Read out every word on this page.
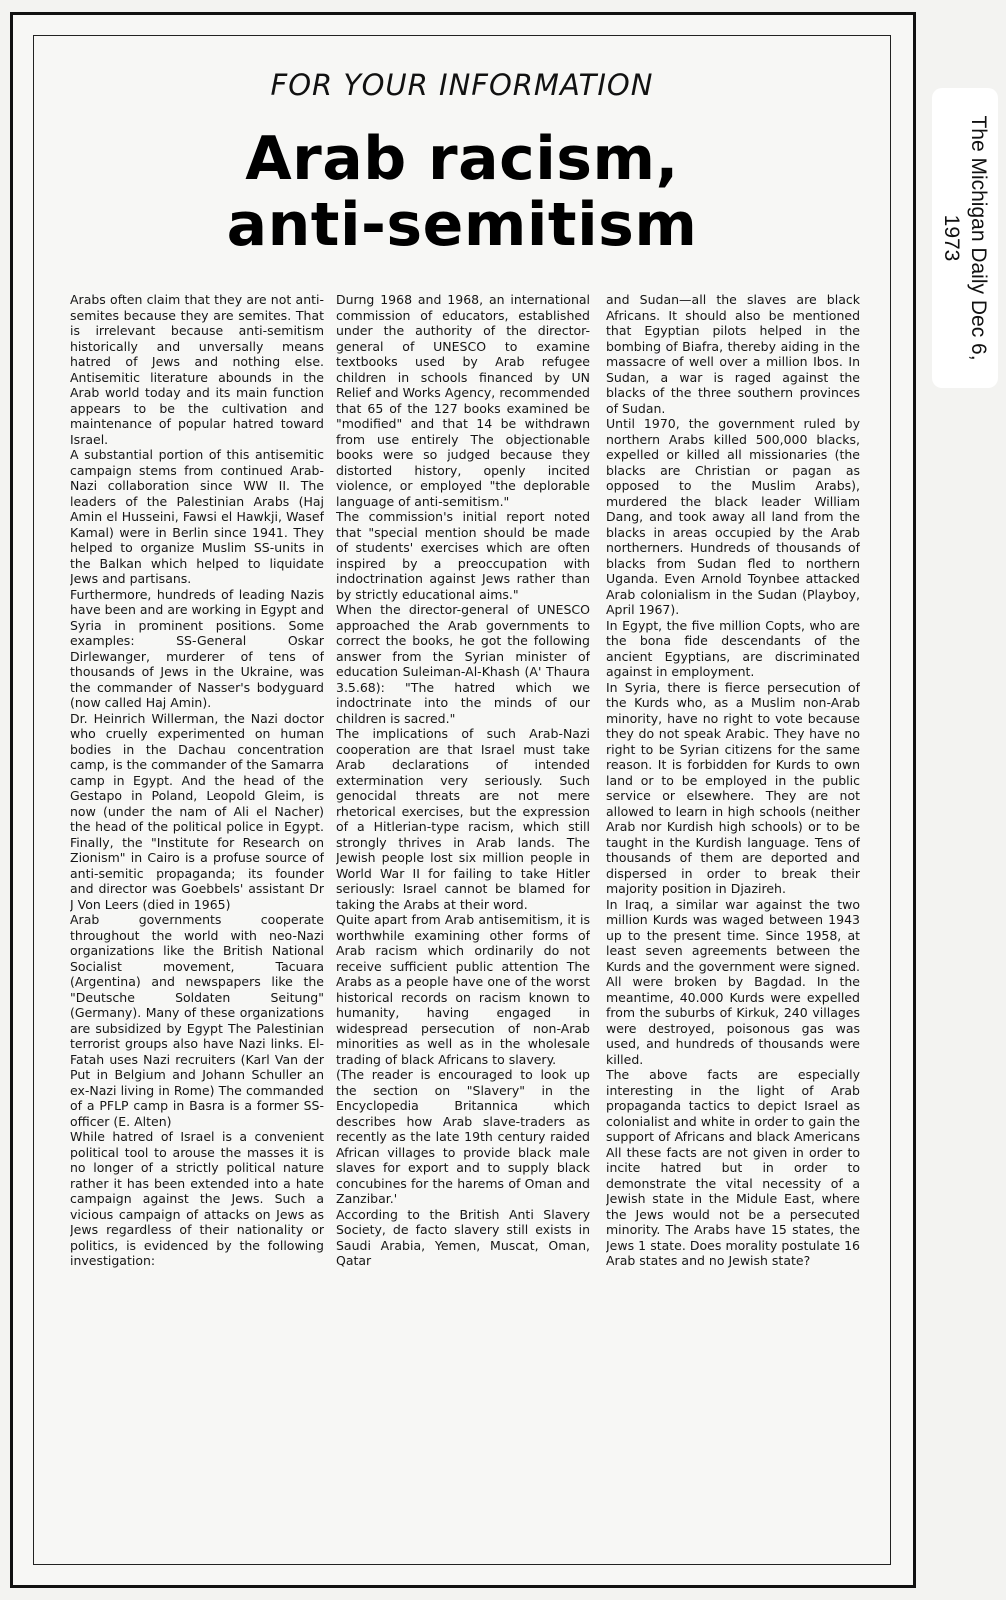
FOR YOUR INFORMATION
Arab racism,
anti-semitism

Arabs often claim that they are not anti-semites because they are semites. That is irrelevant because anti-semitism historically and unversally means hatred of Jews and nothing else. Antisemitic literature abounds in the Arab world today and its main function appears to be the cultivation and maintenance of popular hatred toward Israel.

A substantial portion of this antisemitic campaign stems from continued Arab-Nazi collaboration since WW II. The leaders of the Palestinian Arabs (Haj Amin el Husseini, Fawsi el Hawkji, Wasef Kamal) were in Berlin since 1941. They helped to organize Muslim SS-units in the Balkan which helped to liquidate Jews and partisans.

Furthermore, hundreds of leading Nazis have been and are working in Egypt and Syria in prominent positions. Some examples: SS-General Oskar Dirlewanger, murderer of tens of thousands of Jews in the Ukraine, was the commander of Nasser's bodyguard (now called Haj Amin).

Dr. Heinrich Willerman, the Nazi doctor who cruelly experimented on human bodies in the Dachau concentration camp, is the commander of the Samarra camp in Egypt. And the head of the Gestapo in Poland, Leopold Gleim, is now (under the nam of Ali el Nacher) the head of the political police in Egypt. Finally, the "Institute for Research on Zionism" in Cairo is a profuse source of anti-semitic propaganda; its founder and director was Goebbels' assistant Dr J Von Leers (died in 1965)

Arab governments cooperate throughout the world with neo-Nazi organizations like the British National Socialist movement, Tacuara (Argentina) and newspapers like the "Deutsche Soldaten Seitung" (Germany). Many of these organizations are subsidized by Egypt The Palestinian terrorist groups also have Nazi links. El-Fatah uses Nazi recruiters (Karl Van der Put in Belgium and Johann Schuller an ex-Nazi living in Rome) The commanded of a PFLP camp in Basra is a former SS-officer (E. Alten)

While hatred of Israel is a convenient political tool to arouse the masses it is no longer of a strictly political nature rather it has been extended into a hate campaign against the Jews. Such a vicious campaign of attacks on Jews as Jews regardless of their nationality or politics, is evidenced by the following investigation:

Durng 1968 and 1968, an international commission of educators, established under the authority of the director-general of UNESCO to examine textbooks used by Arab refugee children in schools financed by UN Relief and Works Agency, recommended that 65 of the 127 books examined be "modified" and that 14 be withdrawn from use entirely The objectionable books were so judged because they distorted history, openly incited violence, or employed "the deplorable language of anti-semitism."

The commission's initial report noted that "special mention should be made of students' exercises which are often inspired by a preoccupation with indoctrination against Jews rather than by strictly educational aims."

When the director-general of UNESCO approached the Arab governments to correct the books, he got the following answer from the Syrian minister of education Suleiman-Al-Khash (A' Thaura 3.5.68): "The hatred which we indoctrinate into the minds of our children is sacred."

The implications of such Arab-Nazi cooperation are that Israel must take Arab declarations of intended extermination very seriously. Such genocidal threats are not mere rhetorical exercises, but the expression of a Hitlerian-type racism, which still strongly thrives in Arab lands. The Jewish people lost six million people in World War II for failing to take Hitler seriously: Israel cannot be blamed for taking the Arabs at their word.

Quite apart from Arab antisemitism, it is worthwhile examining other forms of Arab racism which ordinarily do not receive sufficient public attention The Arabs as a people have one of the worst historical records on racism known to humanity, having engaged in widespread persecution of non-Arab minorities as well as in the wholesale trading of black Africans to slavery.

(The reader is encouraged to look up the section on "Slavery" in the Encyclopedia Britannica which describes how Arab slave-traders as recently as the late 19th century raided African villages to provide black male slaves for export and to supply black concubines for the harems of Oman and Zanzibar.'

According to the British Anti Slavery Society, de facto slavery still exists in Saudi Arabia, Yemen, Muscat, Oman, Qatar

and Sudan—all the slaves are black Africans. It should also be mentioned that Egyptian pilots helped in the bombing of Biafra, thereby aiding in the massacre of well over a million Ibos. In Sudan, a war is raged against the blacks of the three southern provinces of Sudan.

Until 1970, the government ruled by northern Arabs killed 500,000 blacks, expelled or killed all missionaries (the blacks are Christian or pagan as opposed to the Muslim Arabs), murdered the black leader William Dang, and took away all land from the blacks in areas occupied by the Arab northerners. Hundreds of thousands of blacks from Sudan fled to northern Uganda. Even Arnold Toynbee attacked Arab colonialism in the Sudan (Playboy, April 1967).

In Egypt, the five million Copts, who are the bona fide descendants of the ancient Egyptians, are discriminated against in employment.

In Syria, there is fierce persecution of the Kurds who, as a Muslim non-Arab minority, have no right to vote because they do not speak Arabic. They have no right to be Syrian citizens for the same reason. It is forbidden for Kurds to own land or to be employed in the public service or elsewhere. They are not allowed to learn in high schools (neither Arab nor Kurdish high schools) or to be taught in the Kurdish language. Tens of thousands of them are deported and dispersed in order to break their majority position in Djazireh.

In Iraq, a similar war against the two million Kurds was waged between 1943 up to the present time. Since 1958, at least seven agreements between the Kurds and the government were signed. All were broken by Bagdad. In the meantime, 40.000 Kurds were expelled from the suburbs of Kirkuk, 240 villages were destroyed, poisonous gas was used, and hundreds of thousands were killed.

The above facts are especially interesting in the light of Arab propaganda tactics to depict Israel as colonialist and white in order to gain the support of Africans and black Americans All these facts are not given in order to incite hatred but in order to demonstrate the vital necessity of a Jewish state in the Midule East, where the Jews would not be a persecuted minority. The Arabs have 15 states, the Jews 1 state. Does morality postulate 16 Arab states and no Jewish state?

The Michigan Daily Dec 6,
1973
